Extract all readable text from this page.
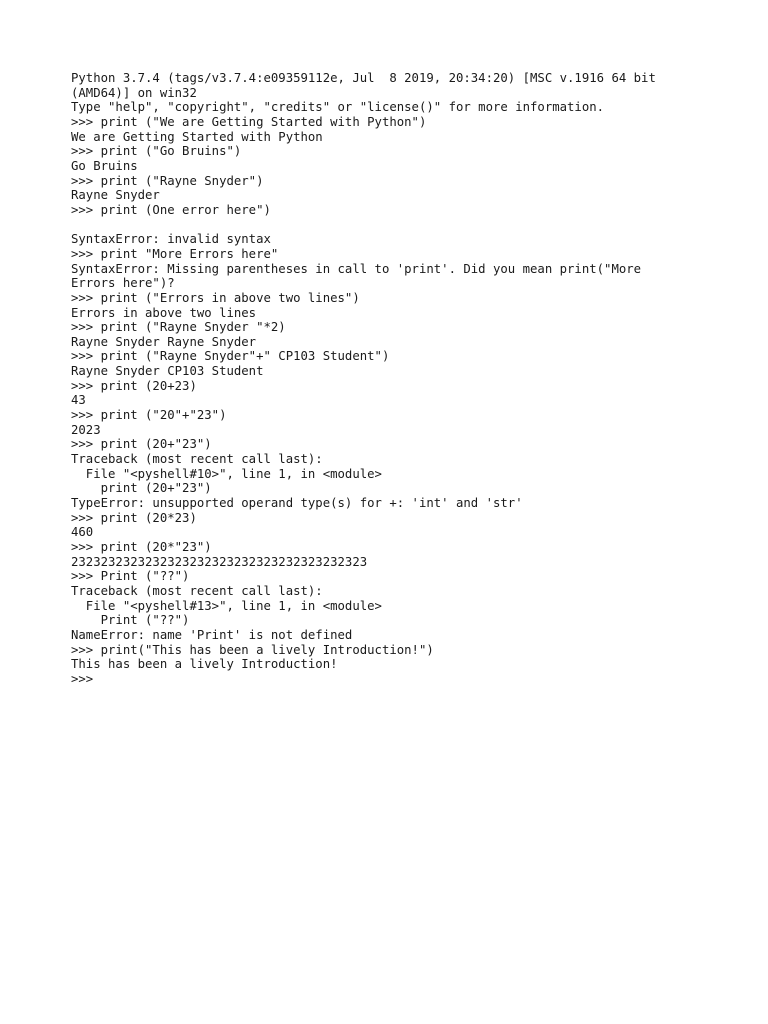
Python 3.7.4 (tags/v3.7.4:e09359112e, Jul  8 2019, 20:34:20) [MSC v.1916 64 bit
(AMD64)] on win32
Type "help", "copyright", "credits" or "license()" for more information.
>>> print ("We are Getting Started with Python")
We are Getting Started with Python
>>> print ("Go Bruins")
Go Bruins
>>> print ("Rayne Snyder")
Rayne Snyder
>>> print (One error here")
SyntaxError: invalid syntax
>>> print "More Errors here"
SyntaxError: Missing parentheses in call to 'print'. Did you mean print("More
Errors here")?
>>> print ("Errors in above two lines")
Errors in above two lines
>>> print ("Rayne Snyder "*2)
Rayne Snyder Rayne Snyder
>>> print ("Rayne Snyder"+" CP103 Student")
Rayne Snyder CP103 Student
>>> print (20+23)
43
>>> print ("20"+"23")
2023
>>> print (20+"23")
Traceback (most recent call last):
File "<pyshell#10>", line 1, in <module>
print (20+"23")
TypeError: unsupported operand type(s) for +: 'int' and 'str'
>>> print (20*23)
460
>>> print (20*"23")
2323232323232323232323232323232323232323
>>> Print ("??")
Traceback (most recent call last):
File "<pyshell#13>", line 1, in <module>
Print ("??")
NameError: name 'Print' is not defined
>>> print("This has been a lively Introduction!")
This has been a lively Introduction!
>>>
